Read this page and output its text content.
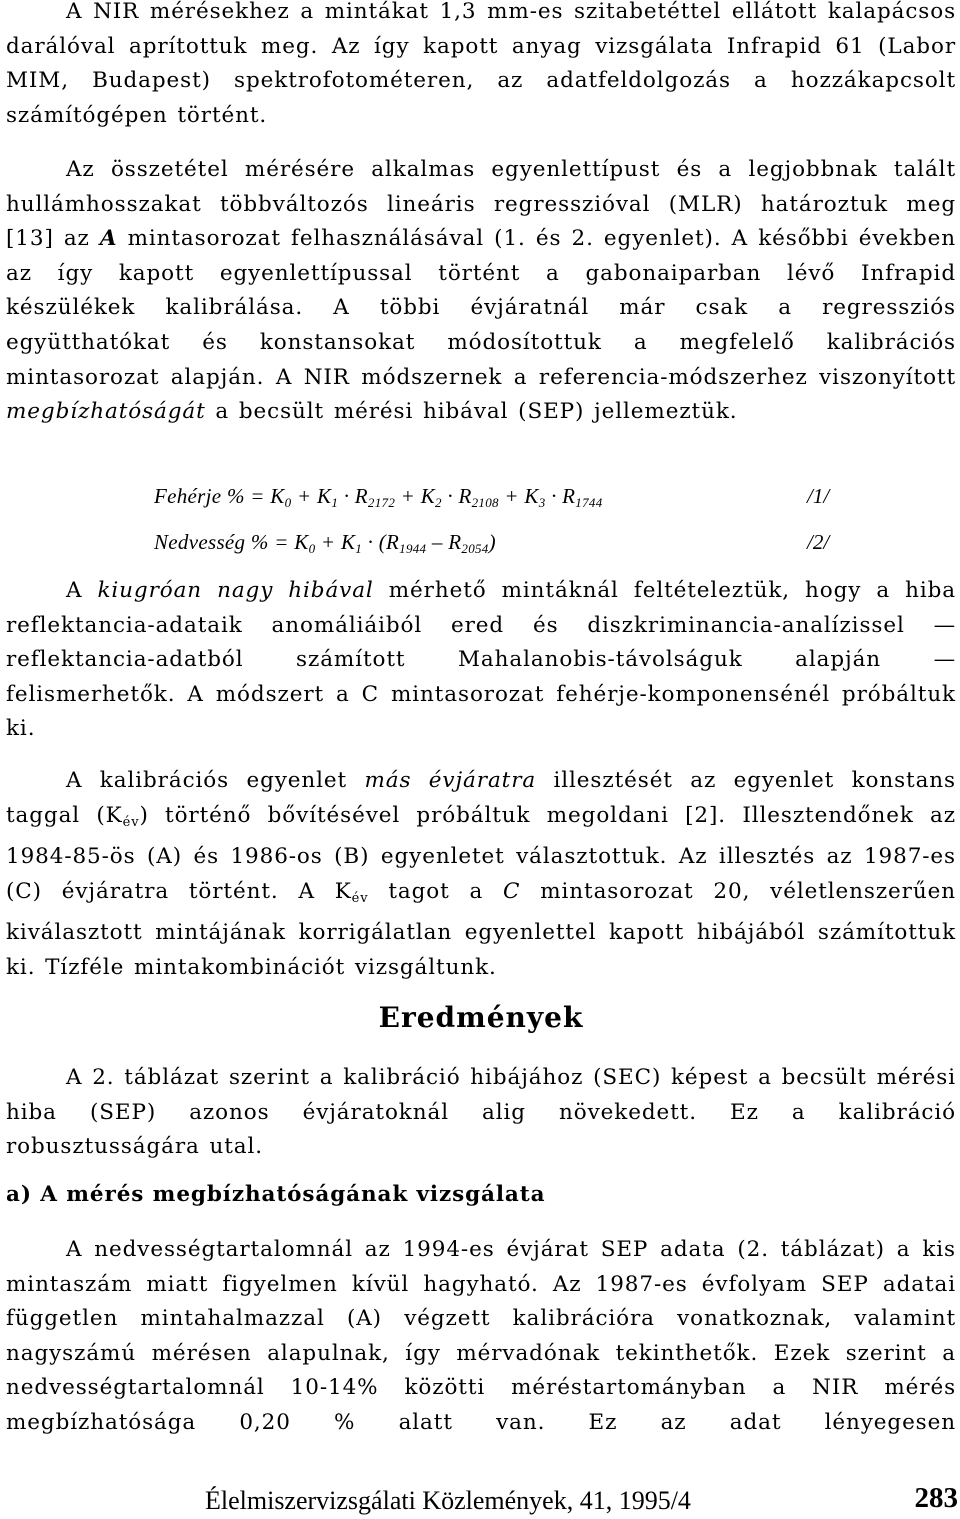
A NIR mérésekhez a mintákat 1,3 mm-es szitabetéttel ellátott kalapácsos darálóval aprítottuk meg. Az így kapott anyag vizsgálata Infrapid 61 (Labor MIM, Budapest) spektrofotométeren, az adatfeldolgozás a hozzákapcsolt számítógépen történt.

Az összetétel mérésére alkalmas egyenlettípust és a legjobbnak talált hullámhosszakat többváltozós lineáris regresszióval (MLR) határoztuk meg [13] az A mintasorozat felhasználásával (1. és 2. egyenlet). A későbbi években az így kapott egyenlettípussal történt a gabonaiparban lévő Infrapid készülékek kalibrálása. A többi évjáratnál már csak a regressziós együtthatókat és konstansokat módosítottuk a megfelelő kalibrációs mintasorozat alapján. A NIR módszernek a referencia-módszerhez viszonyított megbízhatóságát a becsült mérési hibával (SEP) jellemeztük.

Fehérje % = $K_0 + K_1 \cdot R_{2172} + K_2 \cdot R_{2108} + K_3 \cdot R_{1744}$	/1/
Nedvesség % = $K_0 + K_1 \cdot (R_{1944} - R_{2054})$	/2/

A kiugróan nagy hibával mérhető mintáknál feltételeztük, hogy a hiba reflektancia-adataik anomáliáiból ered és diszkriminancia-analízissel — reflektancia-adatból számított Mahalanobis-távolságuk alapján — felismerhetők. A módszert a C mintasorozat fehérje-komponensénél próbáltuk ki.

A kalibrációs egyenlet más évjáratra illesztését az egyenlet konstans taggal $(K_{év})$ történő bővítésével próbáltuk megoldani [2]. Illesztendőnek az 1984-85-ös (A) és 1986-os (B) egyenletet választottuk. Az illesztés az 1987-es (C) évjáratra történt. A $K_{év}$ tagot a C mintasorozat 20, véletlenszerűen kiválasztott mintájának korrigálatlan egyenlettel kapott hibájából számítottuk ki. Tízféle mintakombinációt vizsgáltunk.

Eredmények

A 2. táblázat szerint a kalibráció hibájához (SEC) képest a becsült mérési hiba (SEP) azonos évjáratoknál alig növekedett. Ez a kalibráció robusztusságára utal.

a) A mérés megbízhatóságának vizsgálata

A nedvességtartalomnál az 1994-es évjárat SEP adata (2. táblázat) a kis mintaszám miatt figyelmen kívül hagyható. Az 1987-es évfolyam SEP adatai független mintahalmazzal (A) végzett kalibrációra vonatkoznak, valamint nagyszámú mérésen alapulnak, így mérvadónak tekinthetők. Ezek szerint a nedvességtartalomnál 10-14% közötti méréstartományban a NIR mérés megbízhatósága 0,20 % alatt van. Ez az adat lényegesen

Élelmiszervizsgálati Közlemények, 41, 1995/4	283
